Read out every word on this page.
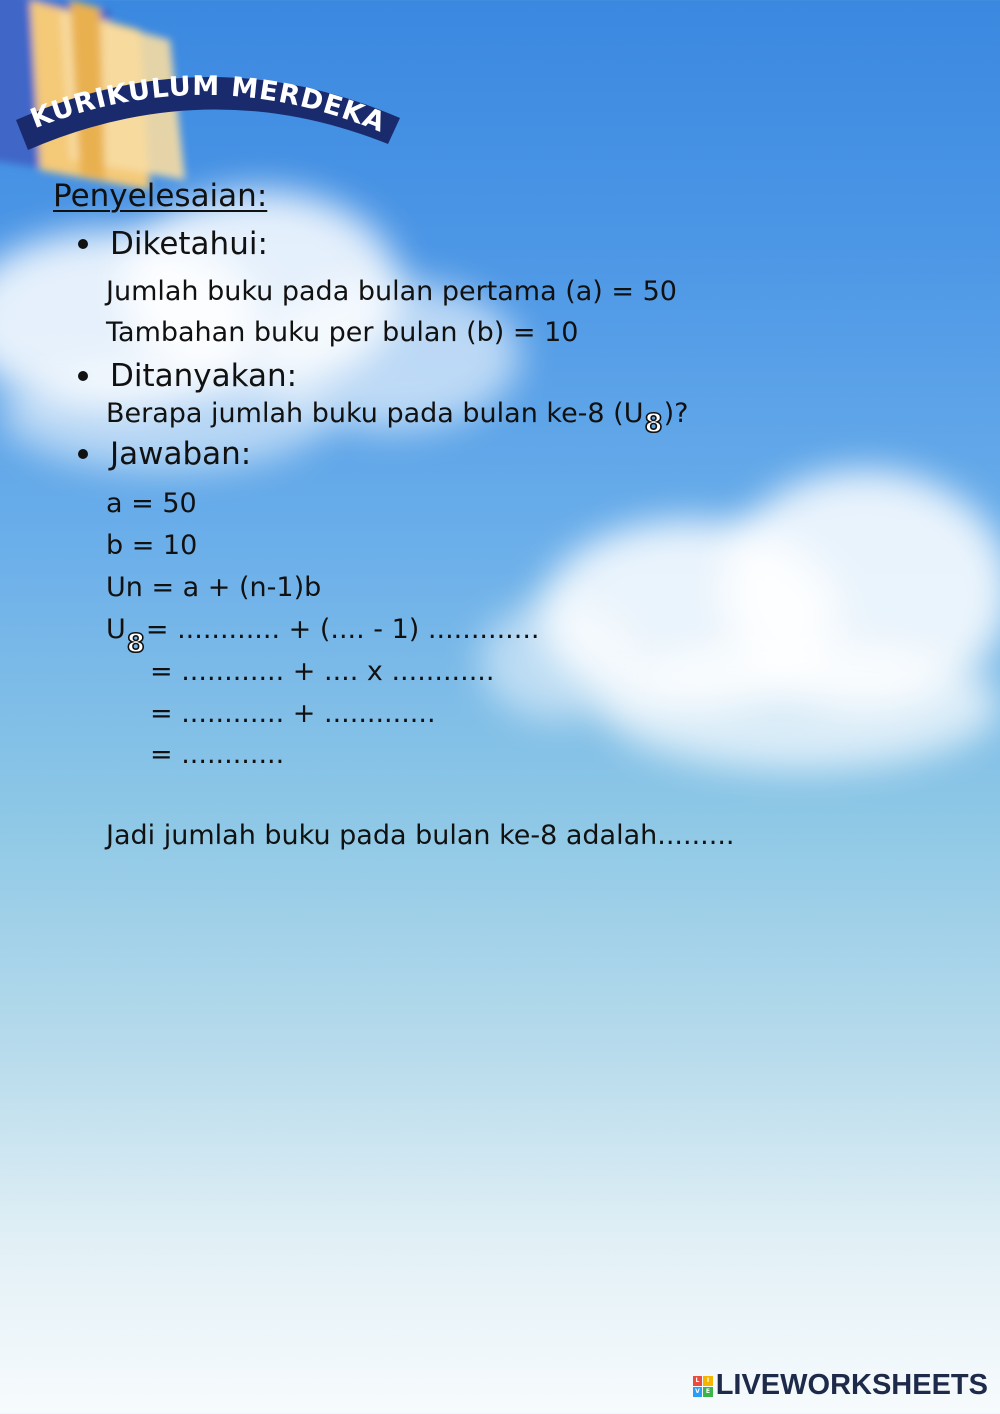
KURIKULUM MERDEKA
Penyelesaian:
Diketahui:
Jumlah buku pada bulan pertama (a) = 50
Tambahan buku per bulan (b) = 10
Ditanyakan:
Berapa jumlah buku pada bulan ke-8 (U8)?
Jawaban:
a = 50
b = 10
Un = a + (n-1)b
U8= ............ + (.... - 1) .............
= ............ + .... x ............
= ............ + .............
= ............
Jadi jumlah buku pada bulan ke-8 adalah.........
L	I
V	E LIVEWORKSHEETS
